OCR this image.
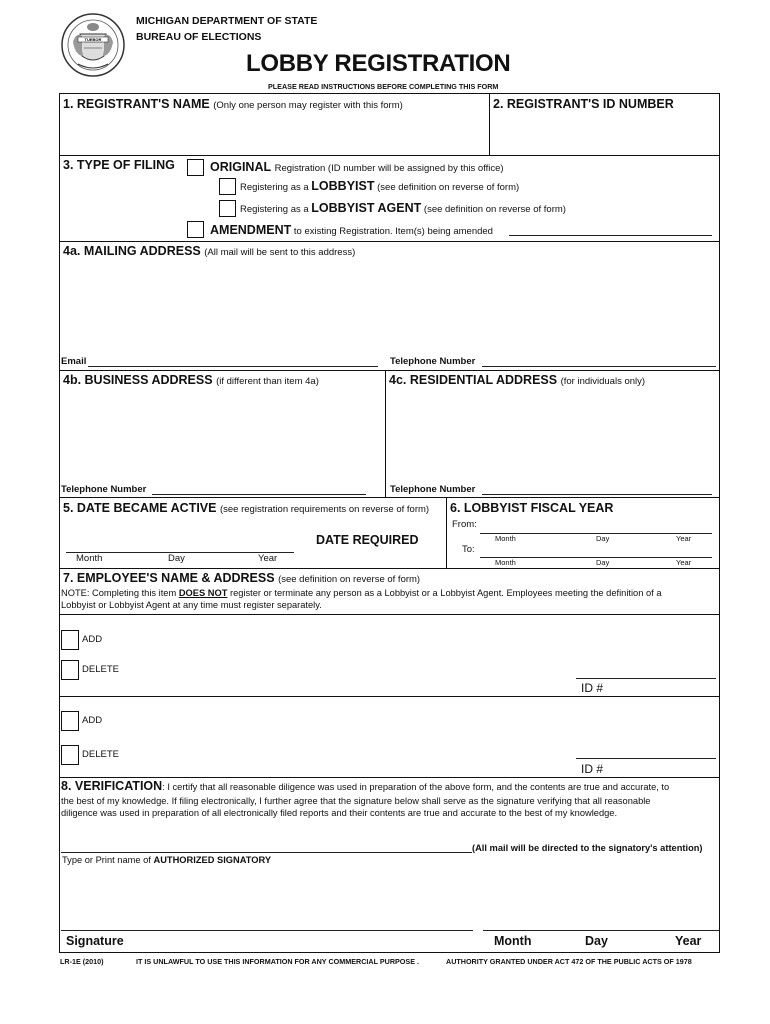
TUEBOR
MICHIGAN DEPARTMENT OF STATE
BUREAU OF ELECTIONS
LOBBY REGISTRATION
PLEASE READ INSTRUCTIONS BEFORE COMPLETING THIS FORM
1. REGISTRANT'S NAME (Only one person may register with this form)	2. REGISTRANT'S ID NUMBER
3. TYPE OF FILING	ORIGINAL Registration (ID number will be assigned by this office)
Registering as a LOBBYIST (see definition on reverse of form)
Registering as a LOBBYIST AGENT (see definition on reverse of form)
AMENDMENT to existing Registration. Item(s) being amended
4a. MAILING ADDRESS (All mail will be sent to this address)
Email	Telephone Number
4b. BUSINESS ADDRESS (if different than item 4a)
Telephone Number
4c. RESIDENTIAL ADDRESS (for individuals only)
Telephone Number
5. DATE BECAME ACTIVE (see registration requirements on reverse of form)
DATE REQUIRED
Month	Day	Year
6. LOBBYIST FISCAL YEAR
From:
Month	Day	Year
To:
Month	Day	Year
7. EMPLOYEE'S NAME & ADDRESS (see definition on reverse of form)
NOTE: Completing this item DOES NOT register or terminate any person as a Lobbyist or a Lobbyist Agent. Employees meeting the definition of a
Lobbyist or Lobbyist Agent at any time must register separately.
ADD
DELETE
ID #
ADD
DELETE
ID #
8. VERIFICATION: I certify that all reasonable diligence was used in preparation of the above form, and the contents are true and accurate, to
the best of my knowledge. If filing electronically, I further agree that the signature below shall serve as the signature verifying that all reasonable
diligence was used in preparation of all electronically filed reports and their contents are true and accurate to the best of my knowledge.
(All mail will be directed to the signatory's attention)
Type or Print name of AUTHORIZED SIGNATORY
Signature	Month	Day	Year
LR-1E (2010)	IT IS UNLAWFUL TO USE THIS INFORMATION FOR ANY COMMERCIAL PURPOSE .	AUTHORITY GRANTED UNDER ACT 472 OF THE PUBLIC ACTS OF 1978
